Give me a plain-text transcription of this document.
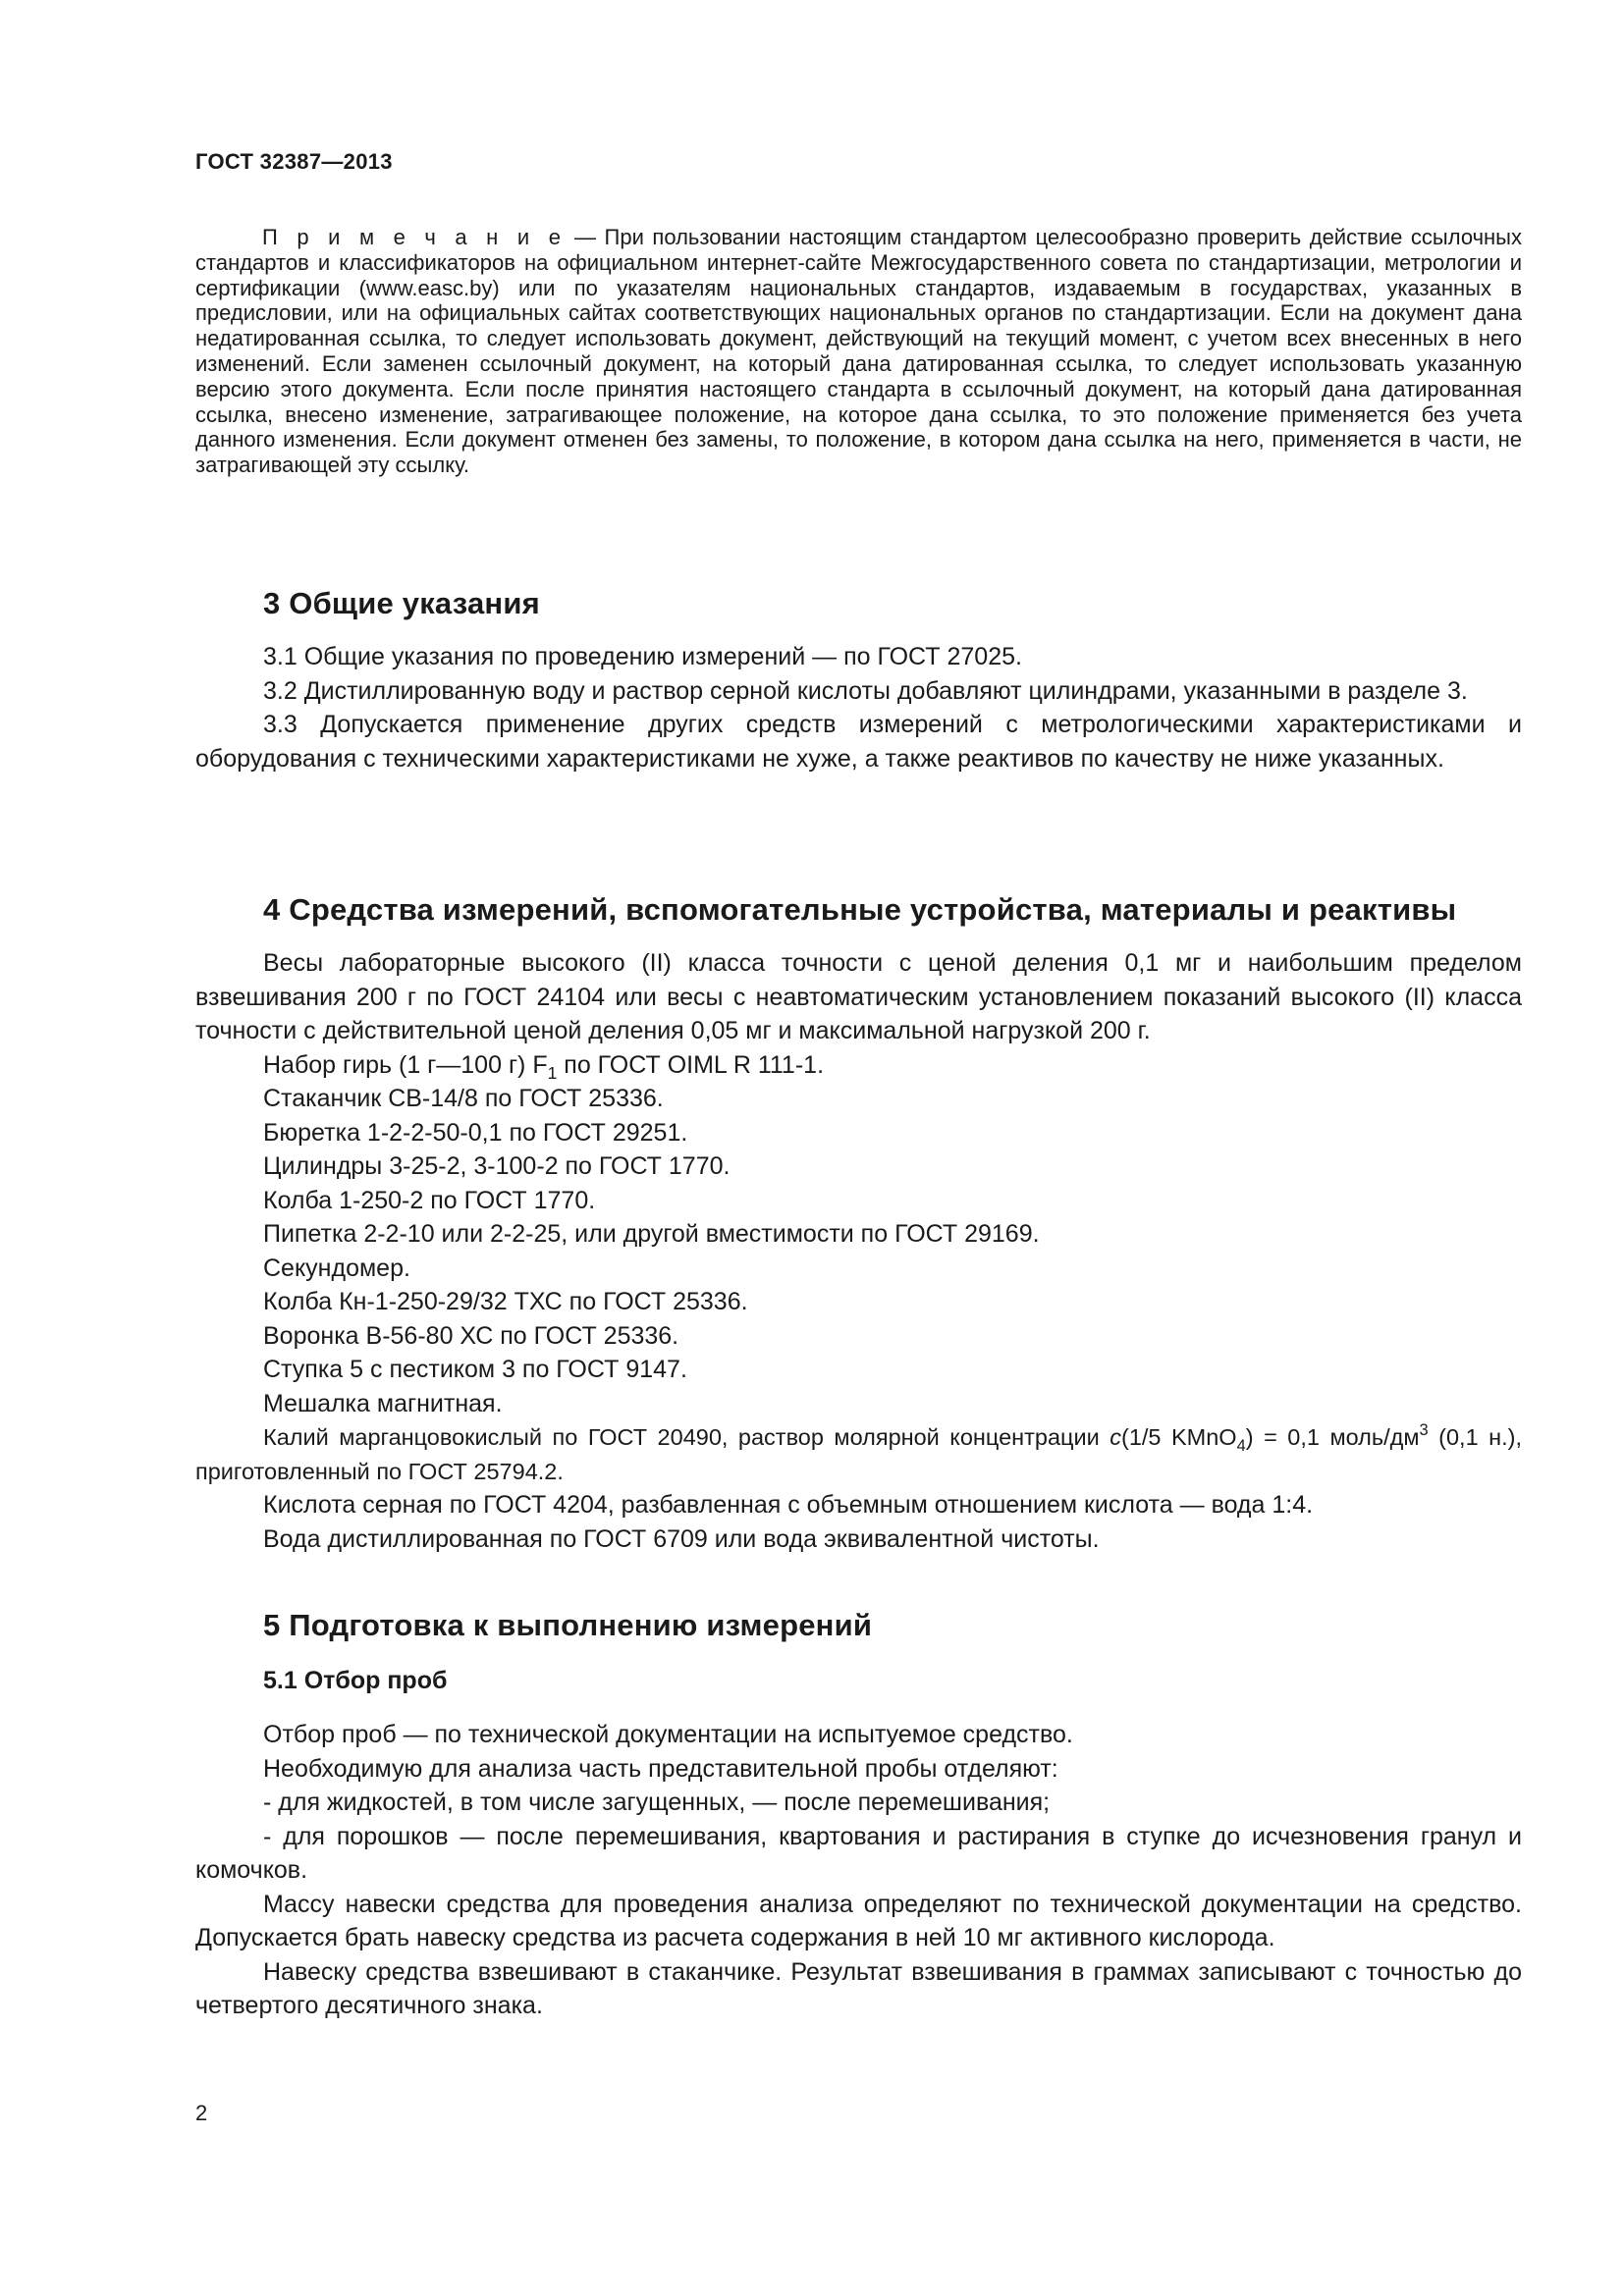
ГОСТ 32387—2013
П р и м е ч а н и е — При пользовании настоящим стандартом целесообразно проверить действие ссылочных стандартов и классификаторов на официальном интернет-сайте Межгосударственного совета по стандартизации, метрологии и сертификации (www.easc.by) или по указателям национальных стандартов, издаваемым в государствах, указанных в предисловии, или на официальных сайтах соответствующих национальных органов по стандартизации. Если на документ дана недатированная ссылка, то следует использовать документ, действующий на текущий момент, с учетом всех внесенных в него изменений. Если заменен ссылочный документ, на который дана датированная ссылка, то следует использовать указанную версию этого документа. Если после принятия настоящего стандарта в ссылочный документ, на который дана датированная ссылка, внесено изменение, затрагивающее положение, на которое дана ссылка, то это положение применяется без учета данного изменения. Если документ отменен без замены, то положение, в котором дана ссылка на него, применяется в части, не затрагивающей эту ссылку.
3 Общие указания

3.1 Общие указания по проведению измерений — по ГОСТ 27025.

3.2 Дистиллированную воду и раствор серной кислоты добавляют цилиндрами, указанными в разделе 3.

3.3 Допускается применение других средств измерений с метрологическими характеристиками и оборудования с техническими характеристиками не хуже, а также реактивов по качеству не ниже указанных.

4 Средства измерений, вспомогательные устройства, материалы и реактивы

Весы лабораторные высокого (II) класса точности с ценой деления 0,1 мг и наибольшим пределом взвешивания 200 г по ГОСТ 24104 или весы с неавтоматическим установлением показаний высокого (II) класса точности с действительной ценой деления 0,05 мг и максимальной нагрузкой 200 г.

Набор гирь (1 г—100 г) $F_1$ по ГОСТ OIML R 111-1.

Стаканчик СВ-14/8 по ГОСТ 25336.

Бюретка 1-2-2-50-0,1 по ГОСТ 29251.

Цилиндры 3-25-2, 3-100-2 по ГОСТ 1770.

Колба 1-250-2 по ГОСТ 1770.

Пипетка 2-2-10 или 2-2-25, или другой вместимости по ГОСТ 29169.

Секундомер.

Колба Кн-1-250-29/32 ТХС по ГОСТ 25336.

Воронка В-56-80 ХС по ГОСТ 25336.

Ступка 5 с пестиком 3 по ГОСТ 9147.

Мешалка магнитная.

Калий марганцовокислый по ГОСТ 20490, раствор молярной концентрации c(1/5 KMnO$_4$) = 0,1 моль/$дм^3$ (0,1 н.), приготовленный по ГОСТ 25794.2.

Кислота серная по ГОСТ 4204, разбавленная с объемным отношением кислота — вода 1:4.

Вода дистиллированная по ГОСТ 6709 или вода эквивалентной чистоты.

5 Подготовка к выполнению измерений
5.1 Отбор проб

Отбор проб — по технической документации на испытуемое средство.

Необходимую для анализа часть представительной пробы отделяют:

- для жидкостей, в том числе загущенных, — после перемешивания;

- для порошков — после перемешивания, квартования и растирания в ступке до исчезновения гранул и комочков.

Массу навески средства для проведения анализа определяют по технической документации на средство. Допускается брать навеску средства из расчета содержания в ней 10 мг активного кислорода.

Навеску средства взвешивают в стаканчике. Результат взвешивания в граммах записывают с точностью до четвертого десятичного знака.

2
